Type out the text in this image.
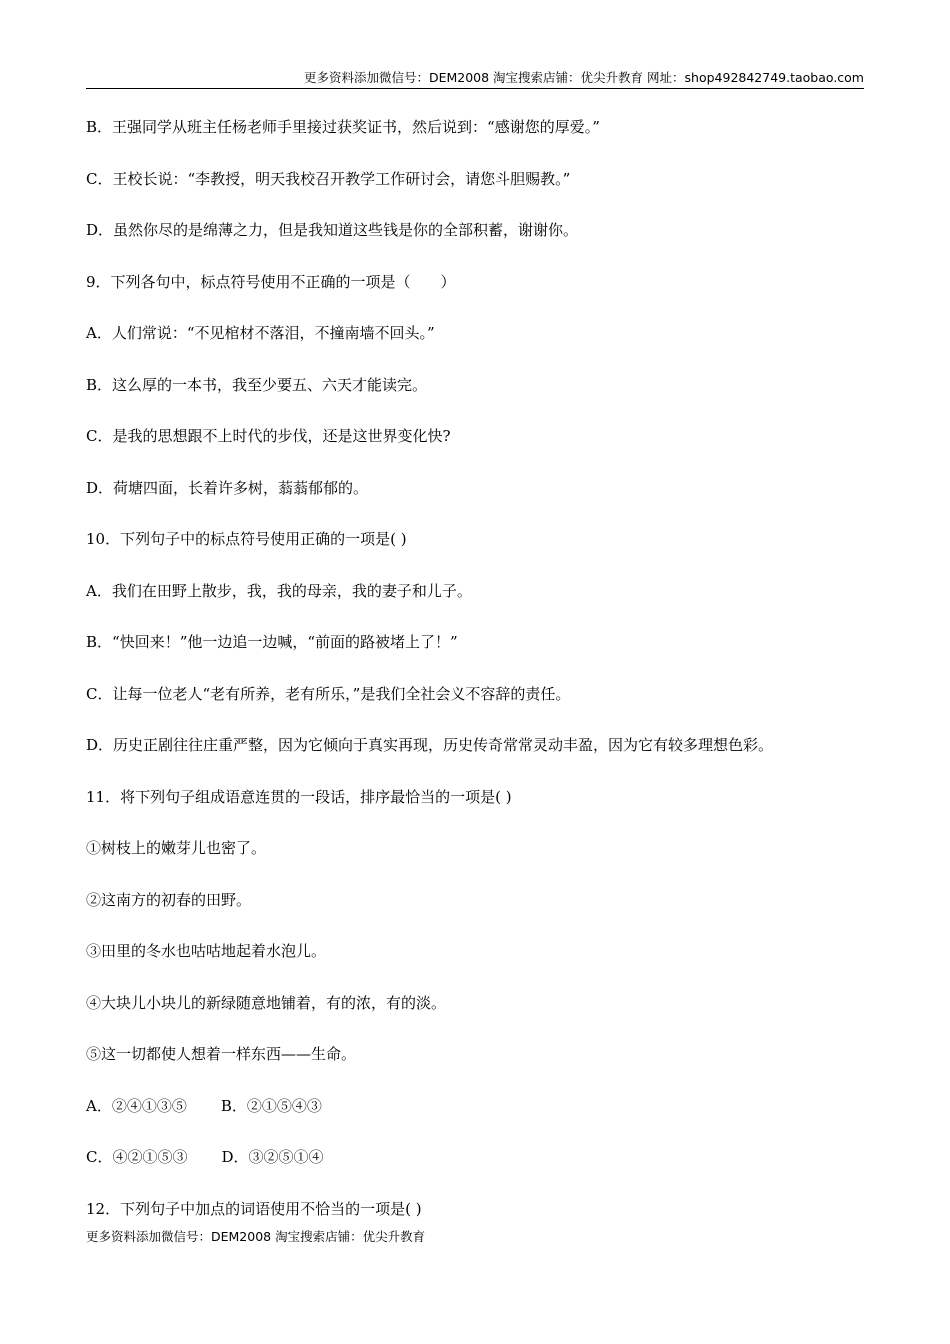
更多资料添加微信号：DEM2008 淘宝搜索店铺：优尖升教育 网址：shop492842749.taobao.com
B．王强同学从班主任杨老师手里接过获奖证书，然后说到：“感谢您的厚爱。”
C．王校长说：“李教授，明天我校召开教学工作研讨会，请您斗胆赐教。”
D．虽然你尽的是绵薄之力，但是我知道这些钱是你的全部积蓄，谢谢你。
9．下列各句中，标点符号使用不正确的一项是（　　）
A．人们常说：“不见棺材不落泪，不撞南墙不回头。”
B．这么厚的一本书，我至少要五、六天才能读完。
C．是我的思想跟不上时代的步伐，还是这世界变化快?
D．荷塘四面，长着许多树，蓊蓊郁郁的。
10．下列句子中的标点符号使用正确的一项是( )
A．我们在田野上散步，我，我的母亲，我的妻子和儿子。
B．“快回来！”他一边追一边喊，“前面的路被堵上了！”
C．让每一位老人“老有所养，老有所乐，”是我们全社会义不容辞的责任。
D．历史正剧往往庄重严整，因为它倾向于真实再现，历史传奇常常灵动丰盈，因为它有较多理想色彩。
11．将下列句子组成语意连贯的一段话，排序最恰当的一项是( )
①树枝上的嫩芽儿也密了。
②这南方的初春的田野。
③田里的冬水也咕咕地起着水泡儿。
④大块儿小块儿的新绿随意地铺着，有的浓，有的淡。
⑤这一切都使人想着一样东西——生命。
A．②④①③⑤ B．②①⑤④③
C．④②①⑤③ D．③②⑤①④
12．下列句子中加点的词语使用不恰当的一项是( )
更多资料添加微信号：DEM2008 淘宝搜索店铺：优尖升教育
